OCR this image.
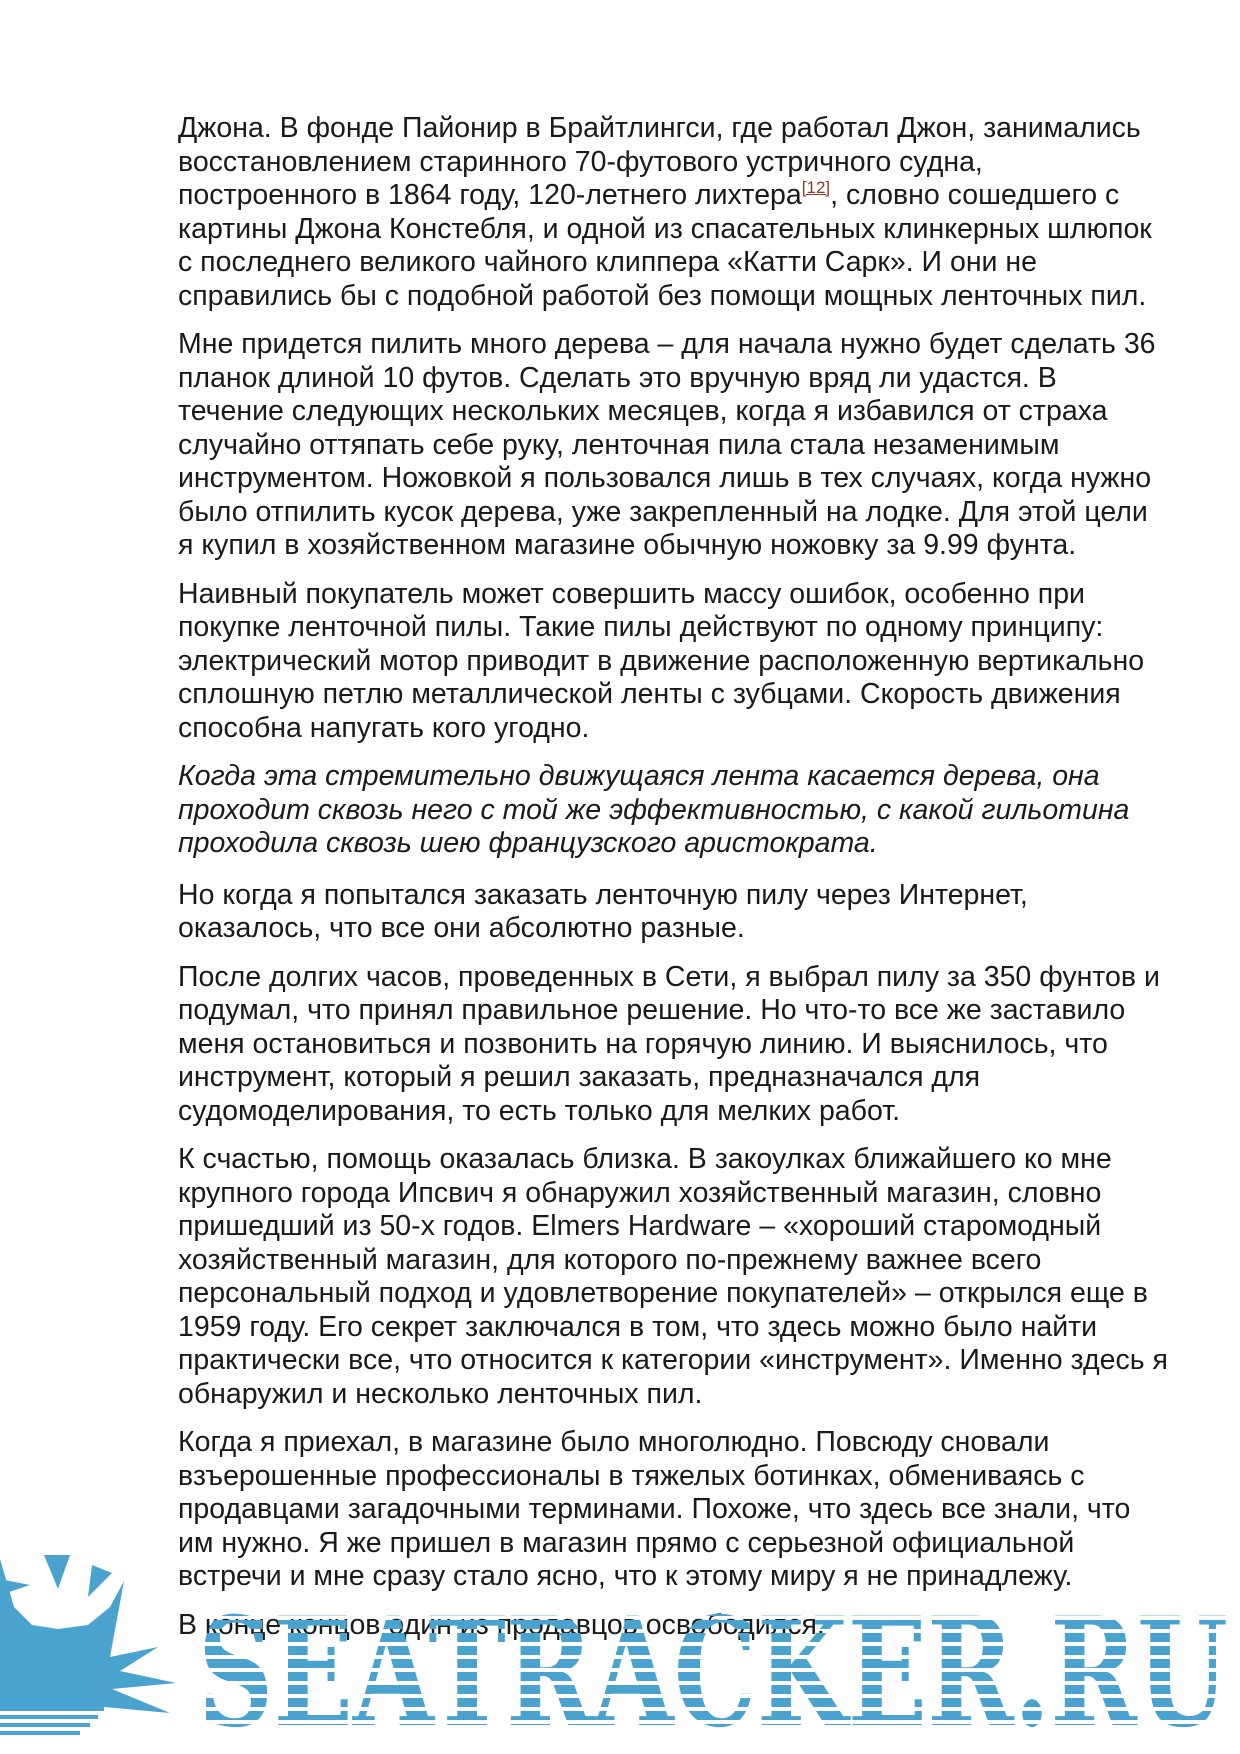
Джона. В фонде Пайонир в Брайтлингси, где работал Джон, занимались восстановлением старинного 70-футового устричного судна, построенного в 1864 году, 120-летнего лихтера[12], словно сошедшего с картины Джона Констебля, и одной из спасательных клинкерных шлюпок с последнего великого чайного клиппера «Катти Сарк». И они не справились бы с подобной работой без помощи мощных ленточных пил.

Мне придется пилить много дерева – для начала нужно будет сделать 36 планок длиной 10 футов. Сделать это вручную вряд ли удастся. В течение следующих нескольких месяцев, когда я избавился от страха случайно оттяпать себе руку, ленточная пила стала незаменимым инструментом. Ножовкой я пользовался лишь в тех случаях, когда нужно было отпилить кусок дерева, уже закрепленный на лодке. Для этой цели я купил в хозяйственном магазине обычную ножовку за 9.99 фунта.

Наивный покупатель может совершить массу ошибок, особенно при покупке ленточной пилы. Такие пилы действуют по одному принципу: электрический мотор приводит в движение расположенную вертикально сплошную петлю металлической ленты с зубцами. Скорость движения способна напугать кого угодно.

Когда эта стремительно движущаяся лента касается дерева, она проходит сквозь него с той же эффективностью, с какой гильотина проходила сквозь шею французского аристократа.

Но когда я попытался заказать ленточную пилу через Интернет, оказалось, что все они абсолютно разные.

После долгих часов, проведенных в Сети, я выбрал пилу за 350 фунтов и подумал, что принял правильное решение. Но что-то все же заставило меня остановиться и позвонить на горячую линию. И выяснилось, что инструмент, который я решил заказать, предназначался для судомоделирования, то есть только для мелких работ.

К счастью, помощь оказалась близка. В закоулках ближайшего ко мне крупного города Ипсвич я обнаружил хозяйственный магазин, словно пришедший из 50-х годов. Elmers Hardware – «хороший старомодный хозяйственный магазин, для которого по-прежнему важнее всего персональный подход и удовлетворение покупателей» – открылся еще в 1959 году. Его секрет заключался в том, что здесь можно было найти практически все, что относится к категории «инструмент». Именно здесь я обнаружил и несколько ленточных пил.

Когда я приехал, в магазине было многолюдно. Повсюду сновали взъерошенные профессионалы в тяжелых ботинках, обмениваясь с продавцами загадочными терминами. Похоже, что здесь все знали, что им нужно. Я же пришел в магазин прямо с серьезной официальной встречи и мне сразу стало ясно, что к этому миру я не принадлежу.

В конце концов один из продавцов освободился.

SEATRACKER.RU
